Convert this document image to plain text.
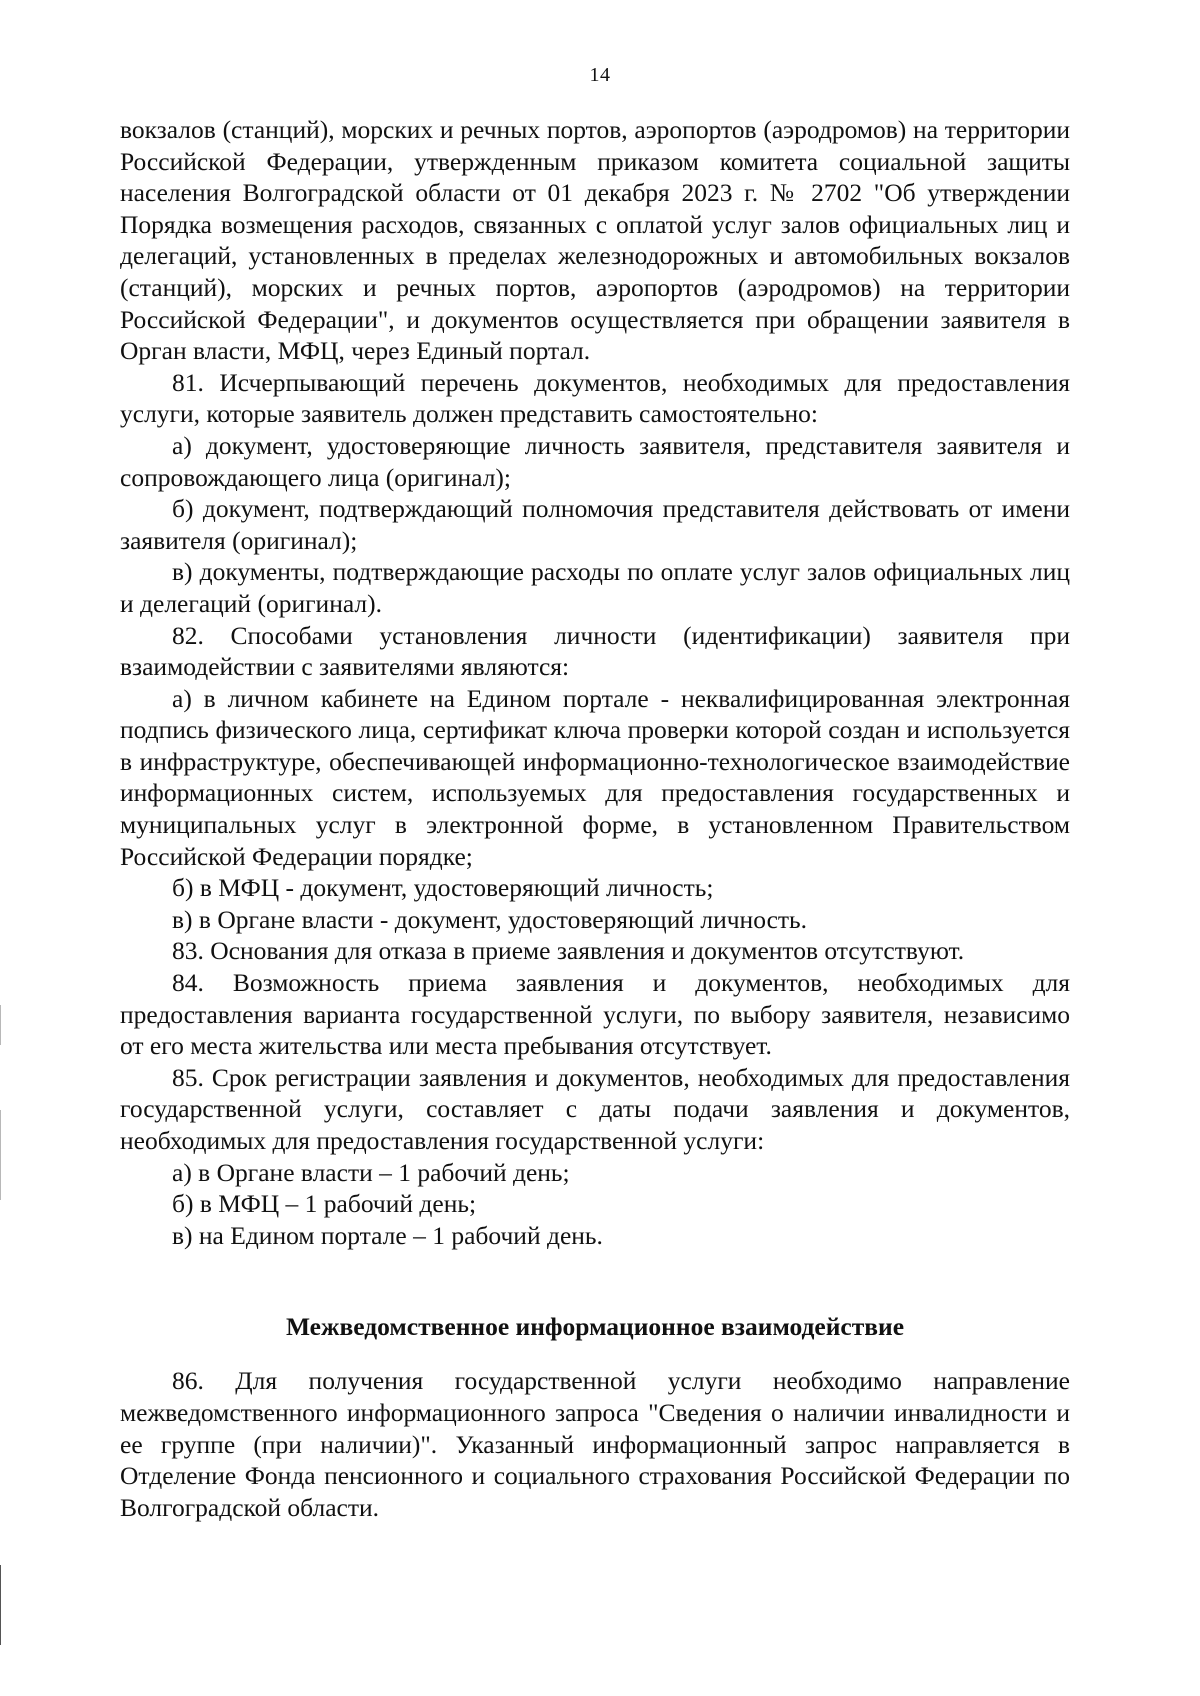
14

вокзалов (станций), морских и речных портов, аэропортов (аэродромов) на территории Российской Федерации, утвержденным приказом комитета социальной защиты населения Волгоградской области от 01 декабря 2023 г. № 2702 "Об утверждении Порядка возмещения расходов, связанных с оплатой услуг залов официальных лиц и делегаций, установленных в пределах железнодорожных и автомобильных вокзалов (станций), морских и речных портов, аэропортов (аэродромов) на территории Российской Федерации", и документов осуществляется при обращении заявителя в Орган власти, МФЦ, через Единый портал.

81. Исчерпывающий перечень документов, необходимых для предоставления услуги, которые заявитель должен представить самостоятельно:

а) документ, удостоверяющие личность заявителя, представителя заявителя и сопровождающего лица (оригинал);

б) документ, подтверждающий полномочия представителя действовать от имени заявителя (оригинал);

в) документы, подтверждающие расходы по оплате услуг залов официальных лиц и делегаций (оригинал).

82. Способами установления личности (идентификации) заявителя при взаимодействии с заявителями являются:

а) в личном кабинете на Едином портале - неквалифицированная электронная подпись физического лица, сертификат ключа проверки которой создан и используется в инфраструктуре, обеспечивающей информационно-технологическое взаимодействие информационных систем, используемых для предоставления государственных и муниципальных услуг в электронной форме, в установленном Правительством Российской Федерации порядке;

б) в МФЦ - документ, удостоверяющий личность;

в) в Органе власти - документ, удостоверяющий личность.

83. Основания для отказа в приеме заявления и документов отсутствуют.

84. Возможность приема заявления и документов, необходимых для предоставления варианта государственной услуги, по выбору заявителя, независимо от его места жительства или места пребывания отсутствует.

85. Срок регистрации заявления и документов, необходимых для предоставления государственной услуги, составляет с даты подачи заявления и документов, необходимых для предоставления государственной услуги:

а) в Органе власти – 1 рабочий день;

б) в МФЦ – 1 рабочий день;

в) на Едином портале – 1 рабочий день.

Межведомственное информационное взаимодействие

86. Для получения государственной услуги необходимо направление межведомственного информационного запроса "Сведения о наличии инвалидности и ее группе (при наличии)". Указанный информационный запрос направляется в Отделение Фонда пенсионного и социального страхования Российской Федерации по Волгоградской области.
